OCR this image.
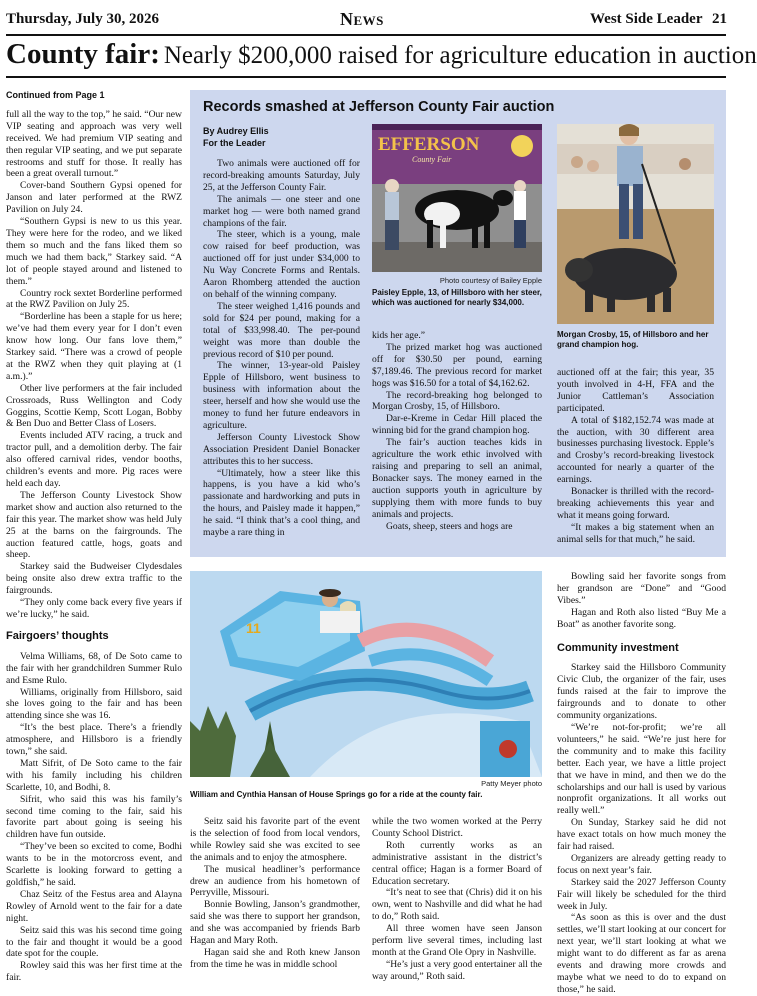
Thursday, July 30, 2026	News	West Side Leader 21
County fair: Nearly $200,000 raised for agriculture education in auction
Continued from Page 1

full all the way to the top,” he said. “Our new VIP seating and approach was very well received. We had premium VIP seating and then regular VIP seating, and we put separate restrooms and stuff for those. It really has been a great overall turnout.”

Cover-band Southern Gypsi opened for Janson and later performed at the RWZ Pavilion on July 24.

“Southern Gypsi is new to us this year. They were here for the rodeo, and we liked them so much and the fans liked them so much we had them back,” Starkey said. “A lot of people stayed around and listened to them.”

Country rock sextet Borderline performed at the RWZ Pavilion on July 25.

“Borderline has been a staple for us here; we’ve had them every year for I don’t even know how long. Our fans love them,” Starkey said. “There was a crowd of people at the RWZ when they quit playing at (1 a.m.).”

Other live performers at the fair included Crossroads, Russ Wellington and Cody Goggins, Scottie Kemp, Scott Logan, Bobby & Ben Duo and Better Class of Losers.

Events included ATV racing, a truck and tractor pull, and a demolition derby. The fair also offered carnival rides, vendor booths, children’s events and more. Pig races were held each day.

The Jefferson County Livestock Show market show and auction also returned to the fair this year. The market show was held July 25 at the barns on the fairgrounds. The auction featured cattle, hogs, goats and sheep.

Starkey said the Budweiser Clydesdales being onsite also drew extra traffic to the fairgrounds.

“They only come back every five years if we’re lucky,” he said.

Fairgoers’ thoughts

Velma Williams, 68, of De Soto came to the fair with her grandchildren Summer Rulo and Esme Rulo.

Williams, originally from Hillsboro, said she loves going to the fair and has been attending since she was 16.

“It’s the best place. There’s a friendly atmosphere, and Hillsboro is a friendly town,” she said.

Matt Sifrit, of De Soto came to the fair with his family including his children Scarlette, 10, and Bodhi, 8.

Sifrit, who said this was his family’s second time coming to the fair, said his favorite part about going is seeing his children have fun outside.

“They’ve been so excited to come, Bodhi wants to be in the motorcross event, and Scarlette is looking forward to getting a goldfish,” he said.

Chaz Seitz of the Festus area and Alayna Rowley of Arnold went to the fair for a date night.

Seitz said this was his second time going to the fair and thought it would be a good date spot for the couple.

Rowley said this was her first time at the fair.

Records smashed at Jefferson County Fair auction
By Audrey Ellis
For the Leader

Two animals were auctioned off for record-breaking amounts Saturday, July 25, at the Jefferson County Fair.

The animals — one steer and one market hog — were both named grand champions of the fair.

The steer, which is a young, male cow raised for beef production, was auctioned off for just under $34,000 to Nu Way Concrete Forms and Rentals. Aaron Rhomberg attended the auction on behalf of the winning company.

The steer weighed 1,416 pounds and sold for $24 per pound, making for a total of $33,998.40. The per-pound weight was more than double the previous record of $10 per pound.

The winner, 13-year-old Paisley Epple of Hillsboro, went business to business with information about the steer, herself and how she would use the money to fund her future endeavors in agriculture.

Jefferson County Livestock Show Association President Daniel Bonacker attributes this to her success.

“Ultimately, how a steer like this happens, is you have a kid who’s passionate and hardworking and puts in the hours, and Paisley made it happen,” he said. “I think that’s a cool thing, and maybe a rare thing in

EFFERSON
County Fair
Photo courtesy of Bailey Epple
Paisley Epple, 13, of Hillsboro with her steer, which was auctioned for nearly $34,000.
Morgan Crosby, 15, of Hillsboro and her grand champion hog.

kids her age.”

The prized market hog was auctioned off for $30.50 per pound, earning $7,189.46. The previous record for market hogs was $16.50 for a total of $4,162.62.

The record-breaking hog belonged to Morgan Crosby, 15, of Hillsboro.

Dar-e-Kreme in Cedar Hill placed the winning bid for the grand champion hog.

The fair’s auction teaches kids in agriculture the work ethic involved with raising and preparing to sell an animal, Bonacker says. The money earned in the auction supports youth in agriculture by supplying them with more funds to buy animals and projects.

Goats, sheep, steers and hogs are

auctioned off at the fair; this year, 35 youth involved in 4-H, FFA and the Junior Cattleman’s Association participated.

A total of $182,152.74 was made at the auction, with 30 different area businesses purchasing livestock. Epple’s and Crosby’s record-breaking livestock accounted for nearly a quarter of the earnings.

Bonacker is thrilled with the record-breaking achievements this year and what it means going forward.

“It makes a big statement when an animal sells for that much,” he said.

11
Patty Meyer photo
William and Cynthia Hansan of House Springs go for a ride at the county fair.

Seitz said his favorite part of the event is the selection of food from local vendors, while Rowley said she was excited to see the animals and to enjoy the atmosphere.

The musical headliner’s performance drew an audience from his hometown of Perryville, Missouri.

Bonnie Bowling, Janson’s grandmother, said she was there to support her grandson, and she was accompanied by friends Barb Hagan and Mary Roth.

Hagan said she and Roth knew Janson from the time he was in middle school

while the two women worked at the Perry County School District.

Roth currently works as an administrative assistant in the district’s central office; Hagan is a former Board of Education secretary.

“It’s neat to see that (Chris) did it on his own, went to Nashville and did what he had to do,” Roth said.

All three women have seen Janson perform live several times, including last month at the Grand Ole Opry in Nashville.

“He’s just a very good entertainer all the way around,” Roth said.

Bowling said her favorite songs from her grandson are “Done” and “Good Vibes.”

Hagan and Roth also listed “Buy Me a Boat” as another favorite song.

Community investment

Starkey said the Hillsboro Community Civic Club, the organizer of the fair, uses funds raised at the fair to improve the fairgrounds and to donate to other community organizations.

“We’re not-for-profit; we’re all volunteers,” he said. “We’re just here for the community and to make this facility better. Each year, we have a little project that we have in mind, and then we do the scholarships and our hall is used by various nonprofit organizations. It all works out really well.”

On Sunday, Starkey said he did not have exact totals on how much money the fair had raised.

Organizers are already getting ready to focus on next year’s fair.

Starkey said the 2027 Jefferson County Fair will likely be scheduled for the third week in July.

“As soon as this is over and the dust settles, we’ll start looking at our concert for next year, we’ll start looking at what we might want to do different as far as arena events and drawing more crowds and maybe what we need to do to expand on those,” he said.
